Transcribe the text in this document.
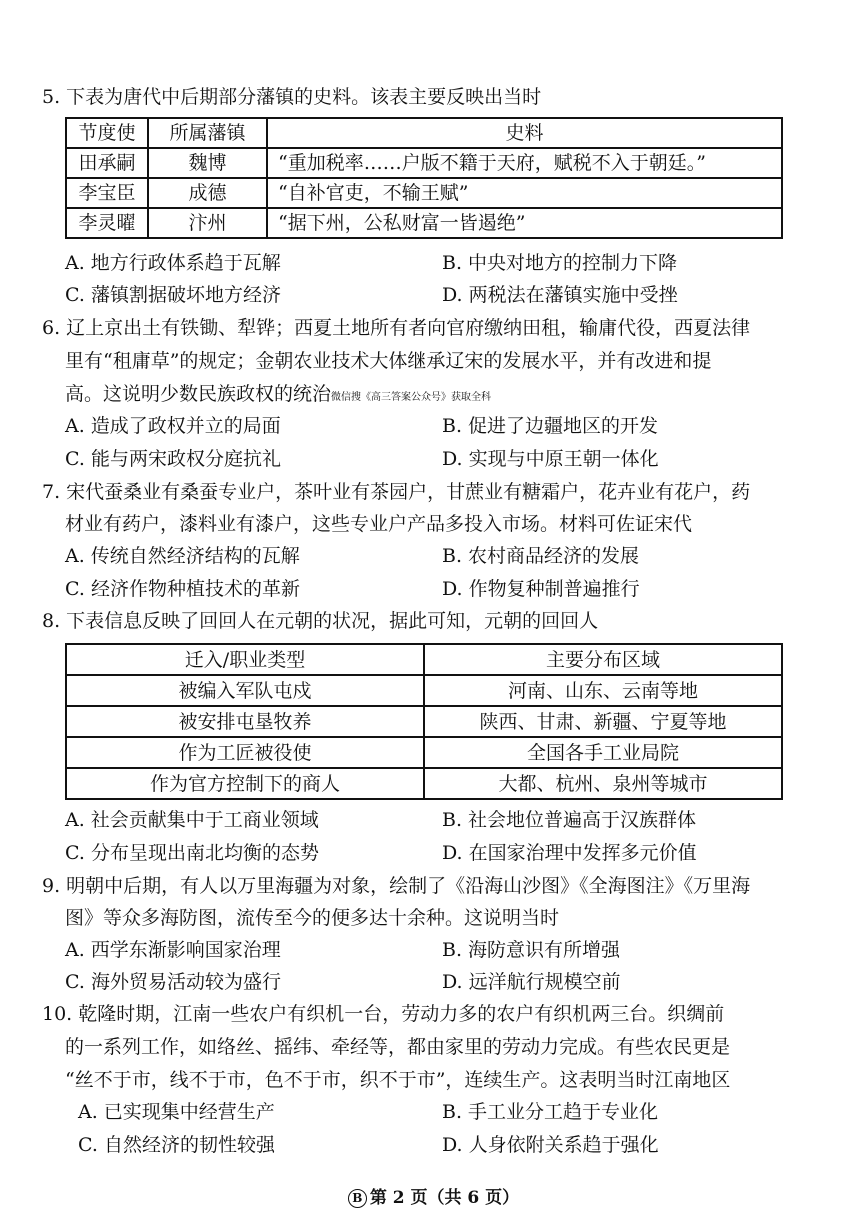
5. 下表为唐代中后期部分藩镇的史料。该表主要反映出当时
节度使	所属藩镇	史料
田承嗣	魏博	“重加税率……户版不籍于天府，赋税不入于朝廷。”
李宝臣	成德	“自补官吏，不输王赋”
李灵曜	汴州	“据下州，公私财富一皆遏绝”
A. 地方行政体系趋于瓦解	B. 中央对地方的控制力下降
C. 藩镇割据破坏地方经济	D. 两税法在藩镇实施中受挫
6. 辽上京出土有铁锄、犁铧；西夏土地所有者向官府缴纳田租，输庸代役，西夏法律
里有“租庸草”的规定；金朝农业技术大体继承辽宋的发展水平，并有改进和提
高。这说明少数民族政权的统治微信搜《高三答案公众号》获取全科
A. 造成了政权并立的局面	B. 促进了边疆地区的开发
C. 能与两宋政权分庭抗礼	D. 实现与中原王朝一体化
7. 宋代蚕桑业有桑蚕专业户，茶叶业有茶园户，甘蔗业有糖霜户，花卉业有花户，药
材业有药户，漆料业有漆户，这些专业户产品多投入市场。材料可佐证宋代
A. 传统自然经济结构的瓦解	B. 农村商品经济的发展
C. 经济作物种植技术的革新	D. 作物复种制普遍推行
8. 下表信息反映了回回人在元朝的状况，据此可知，元朝的回回人
迁入/职业类型	主要分布区域
被编入军队屯戍	河南、山东、云南等地
被安排屯垦牧养	陕西、甘肃、新疆、宁夏等地
作为工匠被役使	全国各手工业局院
作为官方控制下的商人	大都、杭州、泉州等城市
A. 社会贡献集中于工商业领域	B. 社会地位普遍高于汉族群体
C. 分布呈现出南北均衡的态势	D. 在国家治理中发挥多元价值
9. 明朝中后期，有人以万里海疆为对象，绘制了《沿海山沙图》《全海图注》《万里海
图》等众多海防图，流传至今的便多达十余种。这说明当时
A. 西学东渐影响国家治理	B. 海防意识有所增强
C. 海外贸易活动较为盛行	D. 远洋航行规模空前
10. 乾隆时期，江南一些农户有织机一台，劳动力多的农户有织机两三台。织绸前
的一系列工作，如络丝、摇纬、牵经等，都由家里的劳动力完成。有些农民更是
“丝不于市，线不于市，色不于市，织不于市”，连续生产。这表明当时江南地区
A. 已实现集中经营生产	B. 手工业分工趋于专业化
C. 自然经济的韧性较强	D. 人身依附关系趋于强化
B 第 2 页（共 6 页）
